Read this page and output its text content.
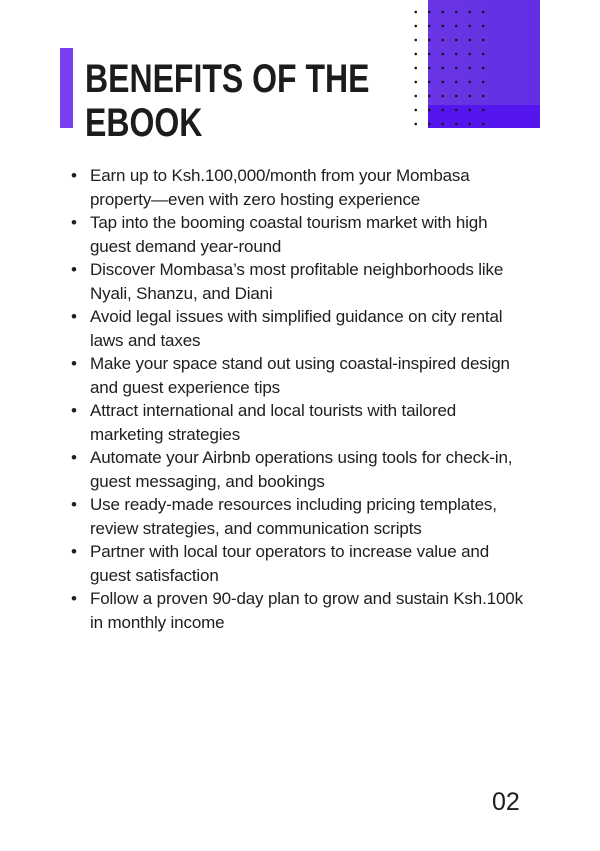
BENEFITS OF THE
EBOOK
• Earn up to Ksh.100,000/month from your Mombasa
property—even with zero hosting experience
• Tap into the booming coastal tourism market with high
guest demand year-round
• Discover Mombasa’s most profitable neighborhoods like
Nyali, Shanzu, and Diani
• Avoid legal issues with simplified guidance on city rental
laws and taxes
• Make your space stand out using coastal-inspired design
and guest experience tips
• Attract international and local tourists with tailored
marketing strategies
• Automate your Airbnb operations using tools for check-in,
guest messaging, and bookings
• Use ready-made resources including pricing templates,
review strategies, and communication scripts
• Partner with local tour operators to increase value and
guest satisfaction
• Follow a proven 90-day plan to grow and sustain Ksh.100k
in monthly income
02
